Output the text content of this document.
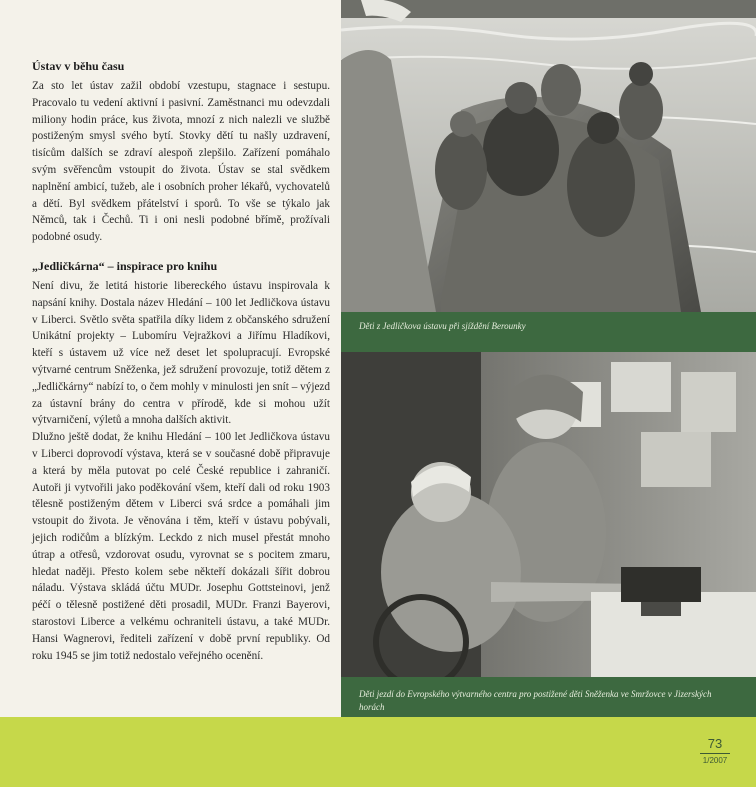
Ústav v běhu času

Za sto let ústav zažil období vzestupu, stagnace i sestupu. Pracovalo tu vedení aktivní i pasivní. Zaměstnanci mu odevzdali miliony hodin práce, kus života, mnozí z nich nalezli ve službě postiženým smysl svého bytí. Stovky dětí tu našly uzdravení, tisícům dalších se zdraví alespoň zlepšilo. Zařízení pomáhalo svým svěřencům vstoupit do života. Ústav se stal svědkem naplnění ambicí, tužeb, ale i osobních proher lékařů, vychovatelů a dětí. Byl svědkem přátelství i sporů. To vše se týkalo jak Němců, tak i Čechů. Ti i oni nesli podobné břímě, prožívali podobné osudy.

„Jedličkárna“ – inspirace pro knihu

Není divu, že letitá historie libereckého ústavu inspirovala k napsání knihy. Dostala název Hledání – 100 let Jedličkova ústavu v Liberci. Světlo světa spatřila díky lidem z občanského sdružení Unikátní projekty – Lubomíru Vejražkovi a Jiřímu Hladíkovi, kteří s ústavem už více než deset let spolupracují. Evropské výtvarné centrum Sněženka, jež sdružení provozuje, totiž dětem z „Jedličkárny“ nabízí to, o čem mohly v minulosti jen snít – výjezd za ústavní brány do centra v přírodě, kde si mohou užít výtvarničení, výletů a mnoha dalších aktivit.

Dlužno ještě dodat, že knihu Hledání – 100 let Jedličkova ústavu v Liberci doprovodí výstava, která se v současné době připravuje a která by měla putovat po celé České republice i zahraničí. Autoři ji vytvořili jako poděkování všem, kteří dali od roku 1903 tělesně postiženým dětem v Liberci svá srdce a pomáhali jim vstoupit do života. Je věnována i těm, kteří v ústavu pobývali, jejich rodičům a blízkým. Leckdo z nich musel přestát mnoho útrap a otřesů, vzdorovat osudu, vyrovnat se s pocitem zmaru, hledat naději. Přesto kolem sebe někteří dokázali šířit dobrou náladu. Výstava skládá účtu MUDr. Josephu Gottsteinovi, jenž péčí o tělesně postižené děti prosadil, MUDr. Franzi Bayerovi, starostovi Liberce a velkému ochraniteli ústavu, a také MUDr. Hansi Wagnerovi, řediteli zařízení v době první republiky. Od roku 1945 se jim totiž nedostalo veřejného ocenění.

Děti z Jedličkova ústavu při sjíždění Berounky
Děti jezdí do Evropského výtvarného centra pro postižené děti Sněženka ve Smržovce v Jizerských horách
73
1/2007
